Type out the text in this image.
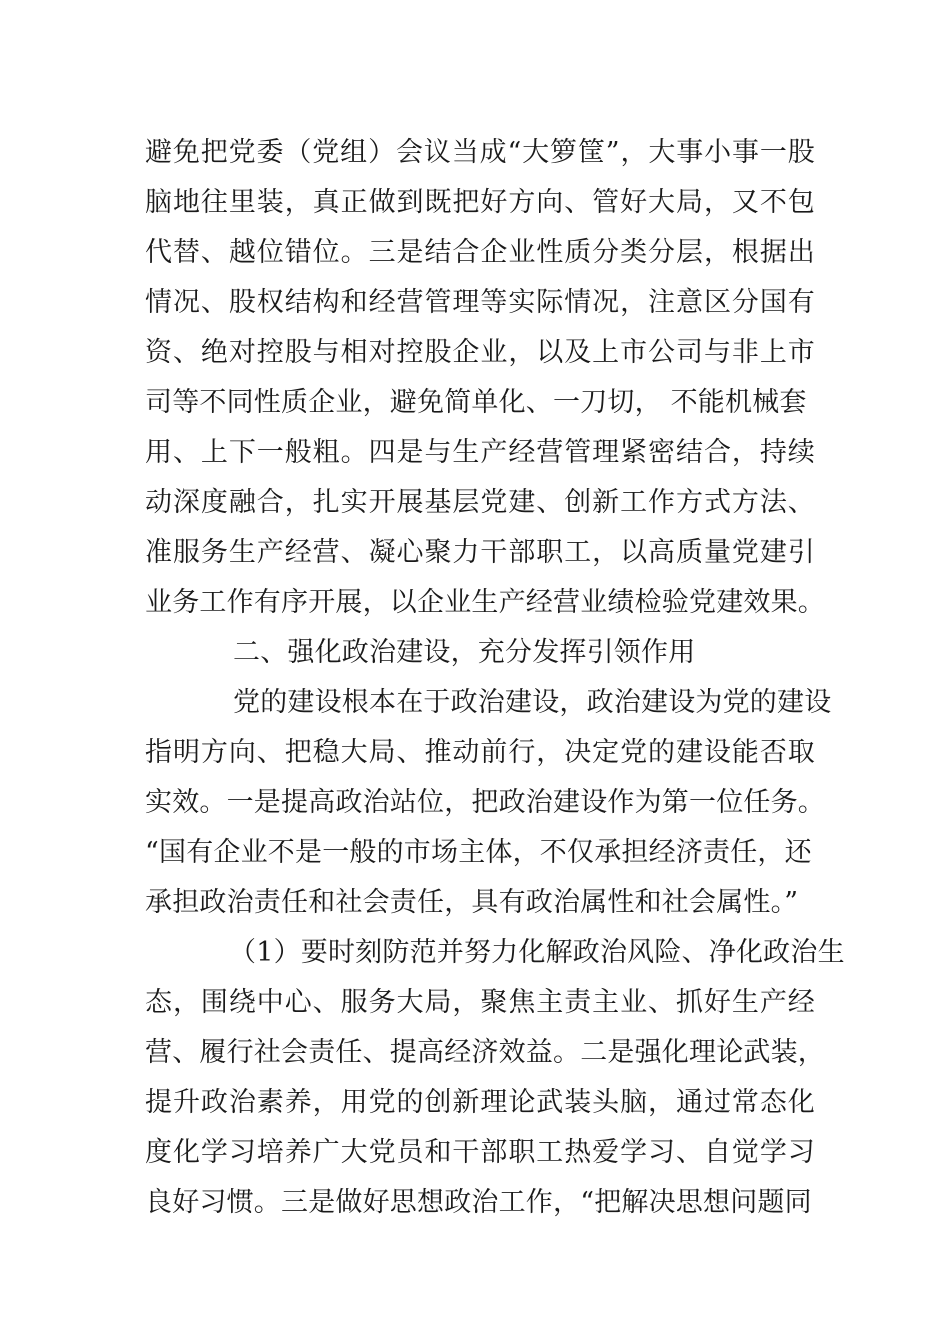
避免把党委（党组）会议当成“大箩筐”，大事小事一股
脑地往里装，真正做到既把好方向、管好大局，又不包
代替、越位错位。三是结合企业性质分类分层，根据出
情况、股权结构和经营管理等实际情况，注意区分国有
资、绝对控股与相对控股企业，以及上市公司与非上市
司等不同性质企业，避免简单化、一刀切， 不能机械套
用、上下一般粗。四是与生产经营管理紧密结合，持续
动深度融合，扎实开展基层党建、创新工作方式方法、
准服务生产经营、凝心聚力干部职工，以高质量党建引
业务工作有序开展，以企业生产经营业绩检验党建效果。
二、强化政治建设，充分发挥引领作用
党的建设根本在于政治建设，政治建设为党的建设
指明方向、把稳大局、推动前行，决定党的建设能否取
实效。一是提高政治站位，把政治建设作为第一位任务。
“国有企业不是一般的市场主体，不仅承担经济责任，还
承担政治责任和社会责任，具有政治属性和社会属性。”
（1）要时刻防范并努力化解政治风险、净化政治生
态，围绕中心、服务大局，聚焦主责主业、抓好生产经
营、履行社会责任、提高经济效益。二是强化理论武装，
提升政治素养，用党的创新理论武装头脑，通过常态化
度化学习培养广大党员和干部职工热爱学习、自觉学习
良好习惯。三是做好思想政治工作，“把解决思想问题同
